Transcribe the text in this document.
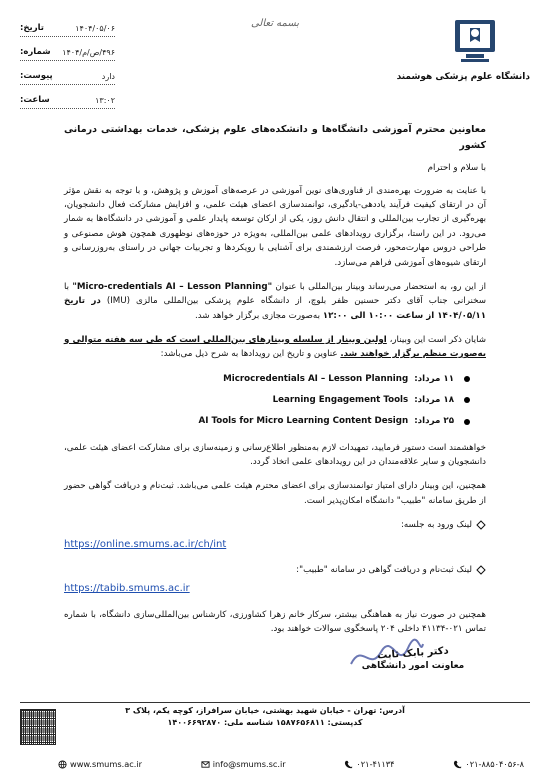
دانشگاه علوم پزشکی هوشمند
بسمه تعالی
۱۴۰۴/۰۵/۰۶
تاریخ:
۴۹۶/ص/م/۱۴۰۴
شماره:
دارد
پیوست:
۱۳:۰۲
ساعت:
معاونین محترم آموزشی دانشگاه‌ها و دانشکده‌های علوم پزشکی، خدمات بهداشتی درمانی کشور
با سلام و احترام

با عنایت به ضرورت بهره‌مندی از فناوری‌های نوین آموزشی در عرصه‌های آموزش و پژوهش، و با توجه به نقش مؤثر آن در ارتقای کیفیت فرآیند یاددهی-یادگیری، توانمندسازی اعضای هیئت علمی، و افزایش مشارکت فعال دانشجویان، بهره‌گیری از تجارب بین‌المللی و انتقال دانش روز، یکی از ارکان توسعه پایدار علمی و آموزشی در دانشگاه‌ها به شمار می‌رود. در این راستا، برگزاری رویدادهای علمی بین‌المللی، به‌ویژه در حوزه‌های نوظهوری همچون هوش مصنوعی و طراحی دروس مهارت‌محور، فرصت ارزشمندی برای آشنایی با رویکردها و تجربیات جهانی در راستای به‌روزرسانی و ارتقای شیوه‌های آموزشی فراهم می‌سازد.

از این رو، به استحضار می‌رساند وبینار بین‌المللی با عنوان "Micro-credentials AI – Lesson Planning" با سخنرانی جناب آقای دکتر حسنین ظفر بلوچ، از دانشگاه علوم پزشکی بین‌المللی مالزی (IMU) در تاریخ ۱۴۰۴/۰۵/۱۱ از ساعت ۱۰:۰۰ الی ۱۲:۰۰ به‌صورت مجازی برگزار خواهد شد.

شایان ذکر است این وبینار، اولین وبینار از سلسله وبینارهای بین‌المللی است که طی سه هفته متوالی و به‌صورت منظم برگزار خواهند شد. عناوین و تاریخ این رویدادها به شرح ذیل می‌باشد:

۱۱ مرداد:
Microcredentials AI – Lesson Planning
۱۸ مرداد:
Learning Engagement Tools
۲۵ مرداد:
AI Tools for Micro Learning Content Design

خواهشمند است دستور فرمایید، تمهیدات لازم به‌منظور اطلاع‌رسانی و زمینه‌سازی برای مشارکت اعضای هیئت علمی، دانشجویان و سایر علاقه‌مندان در این رویدادهای علمی اتخاذ گردد.

همچنین، این وبینار دارای امتیاز توانمندسازی برای اعضای محترم هیئت علمی می‌باشد. ثبت‌نام و دریافت گواهی حضور از طریق سامانه "طبیب" دانشگاه امکان‌پذیر است.

لینک ورود به جلسه:
https://online.smums.ac.ir/ch/int
لینک ثبت‌نام و دریافت گواهی در سامانه "طبیب":
https://tabib.smums.ac.ir

همچنین در صورت نیاز به هماهنگی بیشتر، سرکار خانم زهرا کشاورزی، کارشناس بین‌المللی‌سازی دانشگاه، با شماره تماس ۰۲۱-۴۱۱۳۴ داخلی ۲۰۴ پاسخگوی سوالات خواهند بود.

دکتر بابک ثابت
معاونت امور دانشگاهی
آدرس: تهران - خیابان شهید بهشتی، خیابان سرافراز، کوچه یکم، پلاک ۳
کدپستی: ۱۵۸۷۶۵۶۸۱۱ شناسه ملی: ۱۴۰۰۶۶۹۲۸۷۰
www.smums.ac.ir	info@smums.sc.ir	۰۲۱-۴۱۱۳۴	۰۲۱-۸۸۵۰۴۰۵۶-۸
